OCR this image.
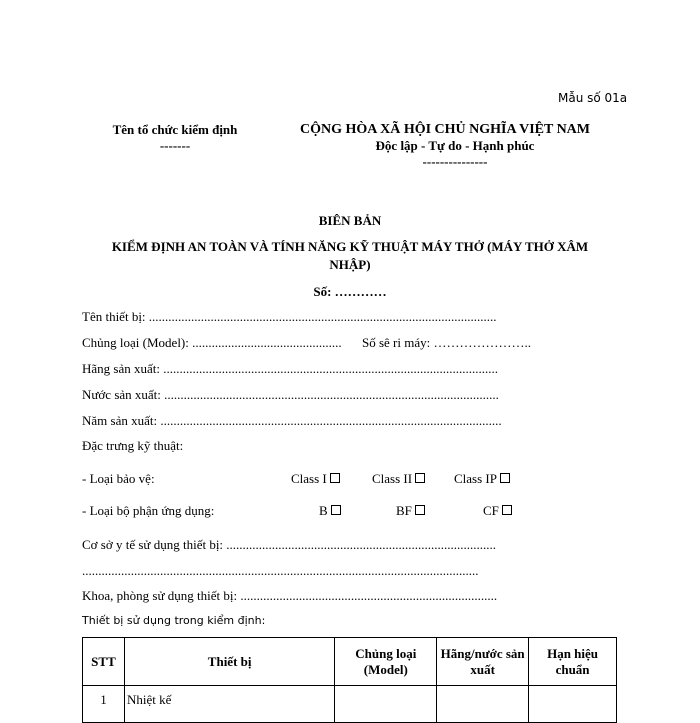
Mẫu số 01a
Tên tổ chức kiểm định
-------
CỘNG HÒA XÃ HỘI CHỦ NGHĨA VIỆT NAM
Độc lập - Tự do - Hạnh phúc
---------------
BIÊN BẢN
KIỂM ĐỊNH AN TOÀN VÀ TÍNH NĂNG KỸ THUẬT MÁY THỞ (MÁY THỞ XÂM NHẬP)
Số: …………
Tên thiết bị: ...........................................................................................................
Chủng loại (Model): .............................................. Số sê ri máy: …………………..
Hãng sản xuất: .......................................................................................................
Nước sản xuất: .......................................................................................................
Năm sản xuất: .........................................................................................................
Đặc trưng kỹ thuật:
- Loại bảo vệ:	Class I	Class II	Class IP
- Loại bộ phận ứng dụng:	B	BF	CF
Cơ sở y tế sử dụng thiết bị: ...................................................................................
..........................................................................................................................
Khoa, phòng sử dụng thiết bị: ...............................................................................
Thiết bị sử dụng trong kiểm định:
STT	Thiết bị	Chủng loại (Model)	Hãng/nước sản xuất	Hạn hiệu chuẩn
1	Nhiệt kế			
